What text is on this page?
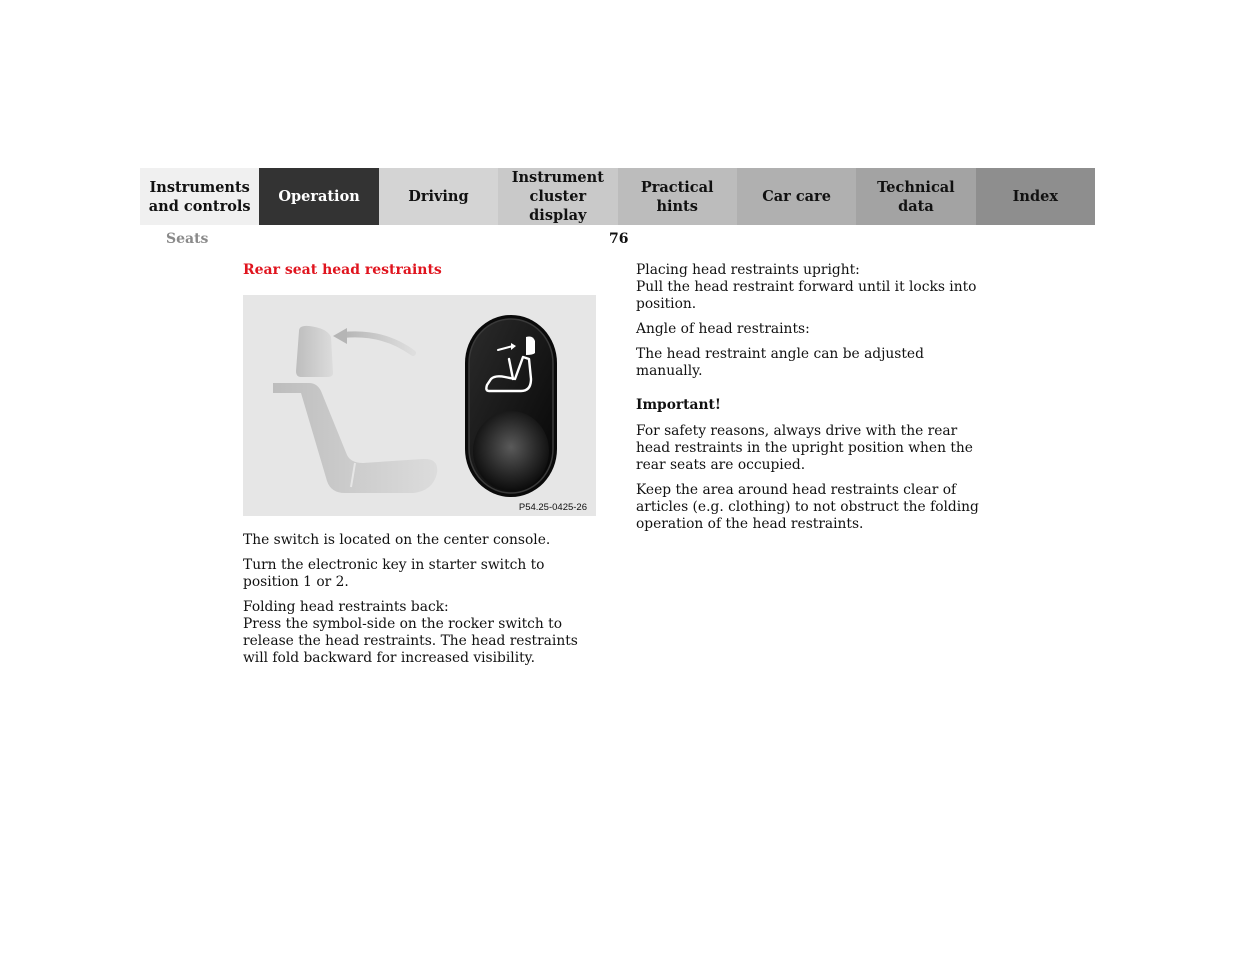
Instruments
and controls
Operation	Driving
Instrument
cluster display
Practical hints
Car care
Technical
data
Index
Seats	76
Rear seat head restraints
P54.25-0425-26

The switch is located on the center console.

Turn the electronic key in starter switch to position 1 or 2.

Folding head restraints back:
Press the symbol-side on the rocker switch to release the head restraints. The head restraints will fold backward for increased visibility.

Placing head restraints upright:
Pull the head restraint forward until it locks into position.

Angle of head restraints:

The head restraint angle can be adjusted manually.

Important!

For safety reasons, always drive with the rear head restraints in the upright position when the rear seats are occupied.

Keep the area around head restraints clear of articles (e.g. clothing) to not obstruct the folding operation of the head restraints.
